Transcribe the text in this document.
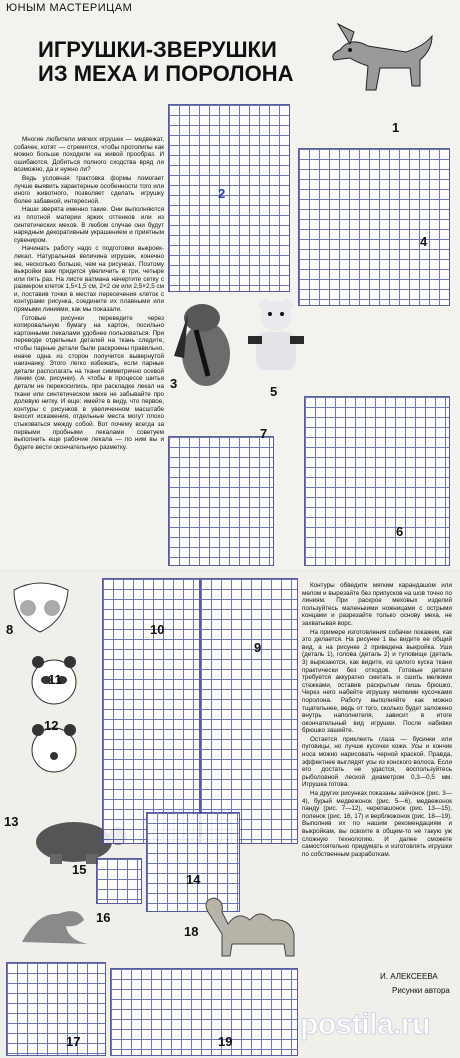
ЮНЫМ МАСТЕРИЦАМ
ИГРУШКИ-ЗВЕРУШКИ
ИЗ МЕХА И ПОРОЛОНА
1
2
4
3
5
7
6

Многие любители мягких игрушек — медвежат, собачек, котят — стремятся, чтобы протопипы как можно больше походили на живой прообраз. И ошибаются. Добиться полного сходства вряд ли возможно, да и нужно ли?

Ведь условная трактовка формы помогает лучше выявить характерные особенности того или иного животного, позволяет сделать игрушку более забавной, интересной.

Наши зверята именно такие. Они выполняются из плотной материи ярких оттенков или из синтетических мехов. В любом случае они будут нарядным декоративным украшением и приятным сувениром.

Начинать работу надо с подготовки выкроек-лекал. Натуральная величина игрушек, конечно же, несколько больше, чем на рисунках. Поэтому выкройки вам придется увеличить в три, четыре или пять раз. На листе ватмана начертите сетку с размером клеток 1,5×1,5 см, 2×2 см или 2,5×2,5 см и, поставив точки в местах пересечения клеток с контурами рисунка, соедините их плавными или прямыми линиями, как мы показали.

Готовые рисунки переведите через копировальную бумагу на картон, посильно картонными лекалами удобнее пользоваться. При переводе отдельных деталей на ткань следите, чтобы парные детали были раскроены правильно, иначе одна из сторон получится вывернутой наизнанку. Этого легко избежать, если парные детали располагать на ткани симметрично осевой линии (см. рисунки). А чтобы в процессе шитья детали не перекосились, при раскладке лекал на ткани или синтетическом мехе не забывайте про долевую нитку. И еще: имейте в виду, что первое, контуры с рисунков в увеличенном масштабе вносит искажения, отдельные места могут плохо стыковаться между собой. Вот почему всегда за первыми пробными лекалами советуем выполнить еще рабочие лекала — по ним вы и будете вести окончательную разметку.

8
11
12
13
15
16
10
9
14
18
17	19

Контуры обведите мягким карандашом или мелом и вырезайте без припусков на шов точно по линиям. При раскрое меховых изделий пользуйтесь маленькими ножницами с острыми концами и разрезайте только основу меха, не захватывая ворс.

На примере изготовления собачки покажем, как это делается. На рисунке 1 вы видите ее общий вид, а на рисунке 2 приведена выкройка. Уши (деталь 1), голова (деталь 2) и туловище (деталь 3) вырезаются, как видите, из целого куска ткани практически без отходов. Готовые детали требуется аккуратно сметать и сшить мелкими стежками, оставив раскрытым лишь брюшко. Через него набейте игрушку мелкими кусочками поролона. Работу выполняйте как можно тщательнее, ведь от того, сколько будет заложено внутрь наполнителя, зависит в итоге окончательный вид игрушки. После набивки брюшко зашейте.

Остается приклеить глаза — бусинки или пуговицы, но лучше кусочки кожи. Усы и кончик носа можно нарисовать черной краской. Правда, эффектнее выглядят усы из конского волоса. Если его достать не удастся, воспользуйтесь рыболовной леской диаметром 0,3—0,5 мм. Игрушка готова.

На других рисунках показаны зайчонок (рис. 3—4), бурый медвежонок (рис. 5—6), медвежонок панду (рис. 7—12), черепашонок (рис. 13—15), поленок (рис. 16, 17) и верблюжонок (рис. 18—19). Выполнив их по нашим рекомендациям и выкройкам, вы освоите в общем-то не такую уж сложную технологию. И далее сможете самостоятельно придумать и изготовлять игрушки по собственным разработкам.

И. АЛЕКСЕЕВА
Рисунки автора
postila.ru
